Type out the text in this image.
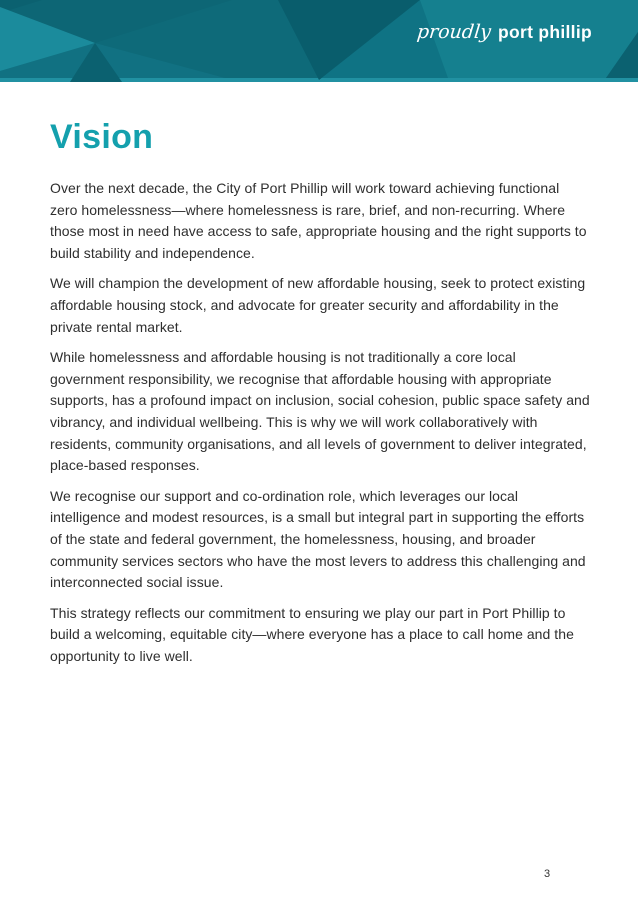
proudly port phillip
Vision

Over the next decade, the City of Port Phillip will work toward achieving functional zero homelessness—where homelessness is rare, brief, and non-recurring. Where those most in need have access to safe, appropriate housing and the right supports to build stability and independence.

We will champion the development of new affordable housing, seek to protect existing affordable housing stock, and advocate for greater security and affordability in the private rental market.

While homelessness and affordable housing is not traditionally a core local government responsibility, we recognise that affordable housing with appropriate supports, has a profound impact on inclusion, social cohesion, public space safety and vibrancy, and individual wellbeing. This is why we will work collaboratively with residents, community organisations, and all levels of government to deliver integrated, place-based responses.

We recognise our support and co-ordination role, which leverages our local intelligence and modest resources, is a small but integral part in supporting the efforts of the state and federal government, the homelessness, housing, and broader community services sectors who have the most levers to address this challenging and interconnected social issue.

This strategy reflects our commitment to ensuring we play our part in Port Phillip to build a welcoming, equitable city—where everyone has a place to call home and the opportunity to live well.

3
